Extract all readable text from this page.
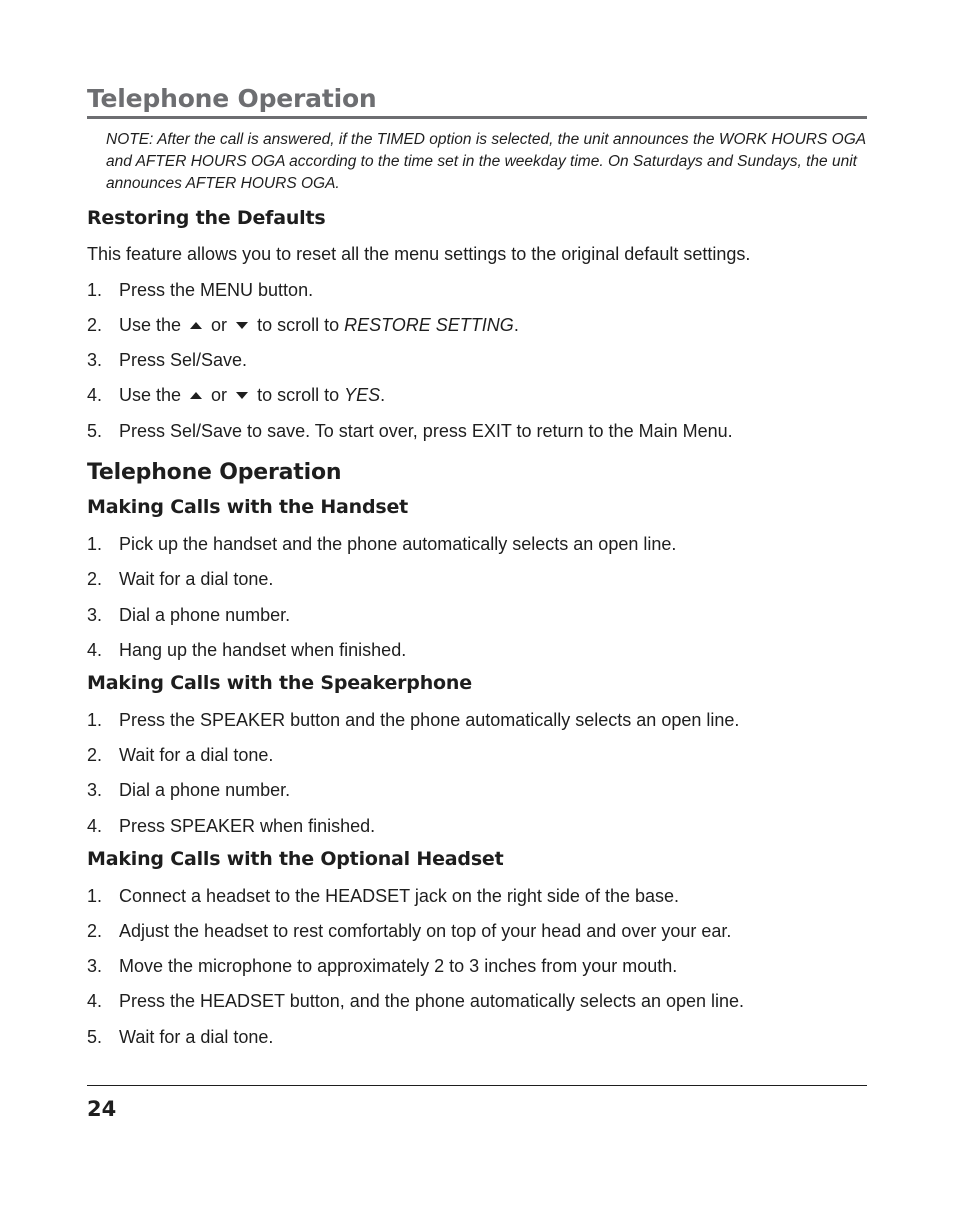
Telephone Operation
NOTE: After the call is answered, if the TIMED option is selected, the unit announces the WORK HOURS OGA and AFTER HOURS OGA according to the time set in the weekday time. On Saturdays and Sundays, the unit announces AFTER HOURS OGA.
Restoring the Defaults
This feature allows you to reset all the menu settings to the original default settings.
1. Press the MENU button.
2. Use the or to scroll to RESTORE SETTING.
3. Press Sel/Save.
4. Use the or to scroll to YES.
5. Press Sel/Save to save. To start over, press EXIT to return to the Main Menu.
Telephone Operation
Making Calls with the Handset
1. Pick up the handset and the phone automatically selects an open line.
2. Wait for a dial tone.
3. Dial a phone number.
4. Hang up the handset when finished.
Making Calls with the Speakerphone
1. Press the SPEAKER button and the phone automatically selects an open line.
2. Wait for a dial tone.
3. Dial a phone number.
4. Press SPEAKER when finished.
Making Calls with the Optional Headset
1. Connect a headset to the HEADSET jack on the right side of the base.
2. Adjust the headset to rest comfortably on top of your head and over your ear.
3. Move the microphone to approximately 2 to 3 inches from your mouth.
4. Press the HEADSET button, and the phone automatically selects an open line.
5. Wait for a dial tone.
24
